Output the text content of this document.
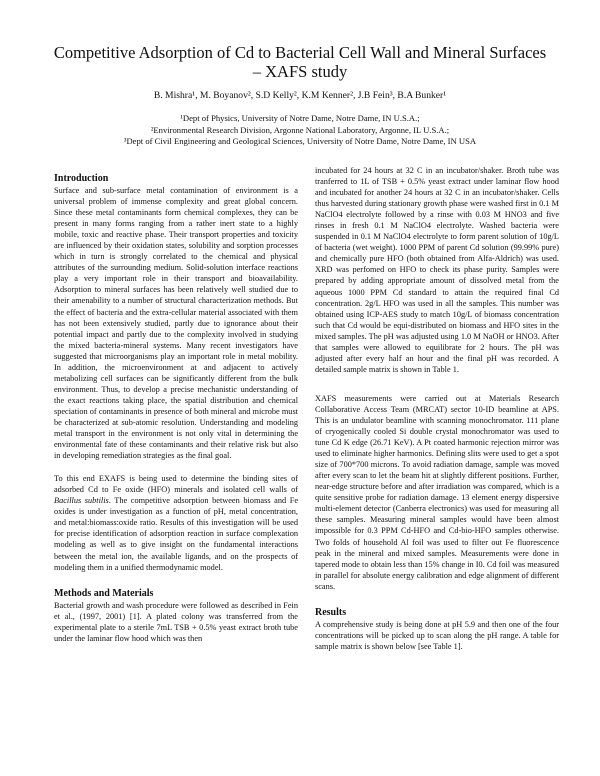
Competitive Adsorption of Cd to Bacterial Cell Wall and Mineral Surfaces
– XAFS study
B. Mishra¹, M. Boyanov², S.D Kelly², K.M Kenner², J.B Fein³, B.A Bunker¹
¹Dept of Physics, University of Notre Dame, Notre Dame, IN U.S.A.;
²Environmental Research Division, Argonne National Laboratory, Argonne, IL U.S.A.;
³Dept of Civil Engineering and Geological Sciences, University of Notre Dame, Notre Dame, IN USA
Introduction

Surface and sub-surface metal contamination of environment is a universal problem of immense complexity and great global concern. Since these metal contaminants form chemical complexes, they can be present in many forms ranging from a rather inert state to a highly mobile, toxic and reactive phase. Their transport properties and toxicity are influenced by their oxidation states, solubility and sorption processes which in turn is strongly correlated to the chemical and physical attributes of the surrounding medium. Solid-solution interface reactions play a very important role in their transport and bioavailability. Adsorption to mineral surfaces has been relatively well studied due to their amenability to a number of structural characterization methods. But the effect of bacteria and the extra-cellular material associated with them has not been extensively studied, partly due to ignorance about their potential impact and partly due to the complexity involved in studying the mixed bacteria-mineral systems. Many recent investigators have suggested that microorganisms play an important role in metal mobility. In addition, the microenvironment at and adjacent to actively metabolizing cell surfaces can be significantly different from the bulk environment. Thus, to develop a precise mechanistic understanding of the exact reactions taking place, the spatial distribution and chemical speciation of contaminants in presence of both mineral and microbe must be characterized at sub-atomic resolution. Understanding and modeling metal transport in the environment is not only vital in determining the environmental fate of these contaminants and their relative risk but also in developing remediation strategies as the final goal.

To this end EXAFS is being used to determine the binding sites of adsorbed Cd to Fe oxide (HFO) minerals and isolated cell walls of Bacillus subtilis. The competitive adsorption between biomass and Fe oxides is under investigation as a function of pH, metal concentration, and metal:biomass:oxide ratio. Results of this investigation will be used for precise identification of adsorption reaction in surface complexation modeling as well as to give insight on the fundamental interactions between the metal ion, the available ligands, and on the prospects of modeling them in a unified thermodynamic model.

Methods and Materials

Bacterial growth and wash procedure were followed as described in Fein et al., (1997, 2001) [1]. A plated colony was transferred from the experimental plate to a sterile 7mL TSB + 0.5% yeast extract broth tube under the laminar flow hood which was then

incubated for 24 hours at 32 C in an incubator/shaker. Broth tube was tranferred to 1L of TSB + 0.5% yeast extract under laminar flow hood and incubated for another 24 hours at 32 C in an incubator/shaker. Cells thus harvested during stationary growth phase were washed first in 0.1 M NaClO4 electrolyte followed by a rinse with 0.03 M HNO3 and five rinses in fresh 0.1 M NaClO4 electrolyte. Washed bacteria were suspended in 0.1 M NaClO4 electrolyte to form parent solution of 10g/L of bacteria (wet weight). 1000 PPM of parent Cd solution (99.99% pure) and chemically pure HFO (both obtained from Alfa-Aldrich) was used. XRD was perfomed on HFO to check its phase purity. Samples were prepared by adding appropriate amount of dissolved metal from the aqueous 1000 PPM Cd standard to attain the required final Cd concentration. 2g/L HFO was used in all the samples. This number was obtained using ICP-AES study to match 10g/L of biomass concentration such that Cd would be equi-distributed on biomass and HFO sites in the mixed samples. The pH was adjusted using 1.0 M NaOH or HNO3. After that samples were allowed to equilibrate for 2 hours. The pH was adjusted after every half an hour and the final pH was recorded. A detailed sample matrix is shown in Table 1.

XAFS measurements were carried out at Materials Research Collaborative Access Team (MRCAT) sector 10-ID beamline at APS. This is an undulator beamline with scanning monochromator. 111 plane of cryogenically cooled Si double crystal monochromator was used to tune Cd K edge (26.71 KeV). A Pt coated harmonic rejection mirror was used to eliminate higher harmonics. Defining slits were used to get a spot size of 700*700 microns. To avoid radiation damage, sample was moved after every scan to let the beam hit at slightly different positions. Further, near-edge structure before and after irradiation was compared, which is a quite sensitive probe for radiation damage. 13 element energy dispersive multi-element detector (Canberra electronics) was used for measuring all these samples. Measuring mineral samples would have been almost impossible for 0.3 PPM Cd-HFO and Cd-bio-HFO samples otherwise. Two folds of household Al foil was used to filter out Fe fluorescence peak in the mineral and mixed samples. Measurements were done in tapered mode to obtain less than 15% change in I0. Cd foil was measured in parallel for absolute energy calibration and edge alignment of different scans.

Results

A comprehensive study is being done at pH 5.9 and then one of the four concentrations will be picked up to scan along the pH range. A table for sample matrix is shown below [see Table 1].
